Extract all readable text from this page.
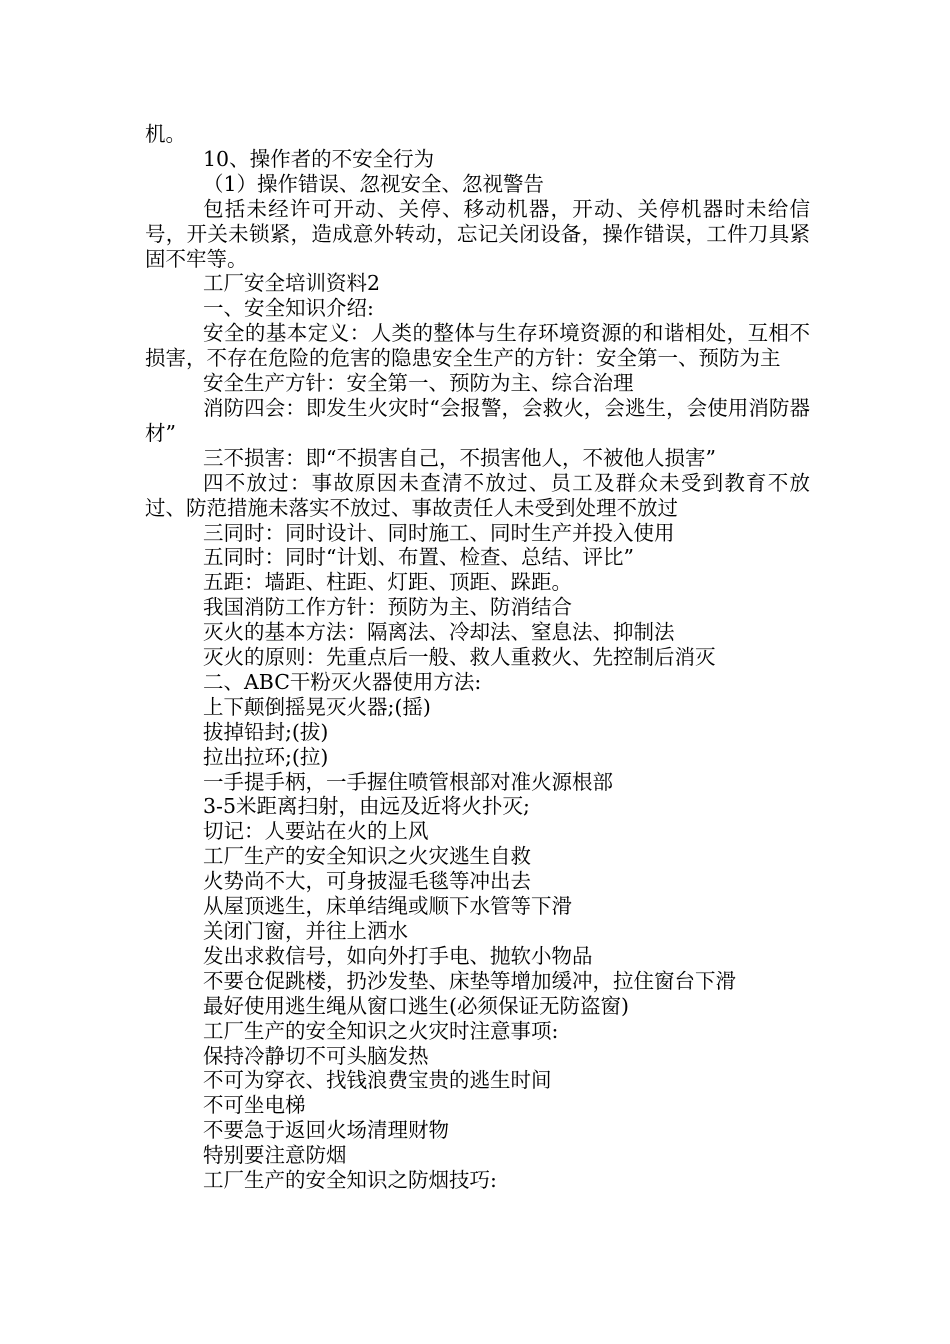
机。

10、操作者的不安全行为

（1）操作错误、忽视安全、忽视警告

包括未经许可开动、关停、移动机器，开动、关停机器时未给信号，开关未锁紧，造成意外转动，忘记关闭设备，操作错误，工件刀具紧固不牢等。

工厂安全培训资料2

一、安全知识介绍:

安全的基本定义：人类的整体与生存环境资源的和谐相处，互相不损害，不存在危险的危害的隐患安全生产的方针：安全第一、预防为主

安全生产方针：安全第一、预防为主、综合治理

消防四会：即发生火灾时“会报警，会救火，会逃生，会使用消防器材”

三不损害：即“不损害自己，不损害他人，不被他人损害”

四不放过：事故原因未查清不放过、员工及群众未受到教育不放过、防范措施未落实不放过、事故责任人未受到处理不放过

三同时：同时设计、同时施工、同时生产并投入使用

五同时：同时“计划、布置、检查、总结、评比”

五距：墙距、柱距、灯距、顶距、跺距。

我国消防工作方针：预防为主、防消结合

灭火的基本方法：隔离法、冷却法、窒息法、抑制法

灭火的原则：先重点后一般、救人重救火、先控制后消灭

二、ABC干粉灭火器使用方法:

上下颠倒摇晃灭火器;(摇)

拔掉铅封;(拔)

拉出拉环;(拉)

一手提手柄，一手握住喷管根部对准火源根部

3-5米距离扫射，由远及近将火扑灭;

切记：人要站在火的上风

工厂生产的安全知识之火灾逃生自救

火势尚不大，可身披湿毛毯等冲出去

从屋顶逃生，床单结绳或顺下水管等下滑

关闭门窗，并往上洒水

发出求救信号，如向外打手电、抛软小物品

不要仓促跳楼，扔沙发垫、床垫等增加缓冲，拉住窗台下滑

最好使用逃生绳从窗口逃生(必须保证无防盗窗)

工厂生产的安全知识之火灾时注意事项:

保持冷静切不可头脑发热

不可为穿衣、找钱浪费宝贵的逃生时间

不可坐电梯

不要急于返回火场清理财物

特别要注意防烟

工厂生产的安全知识之防烟技巧:
